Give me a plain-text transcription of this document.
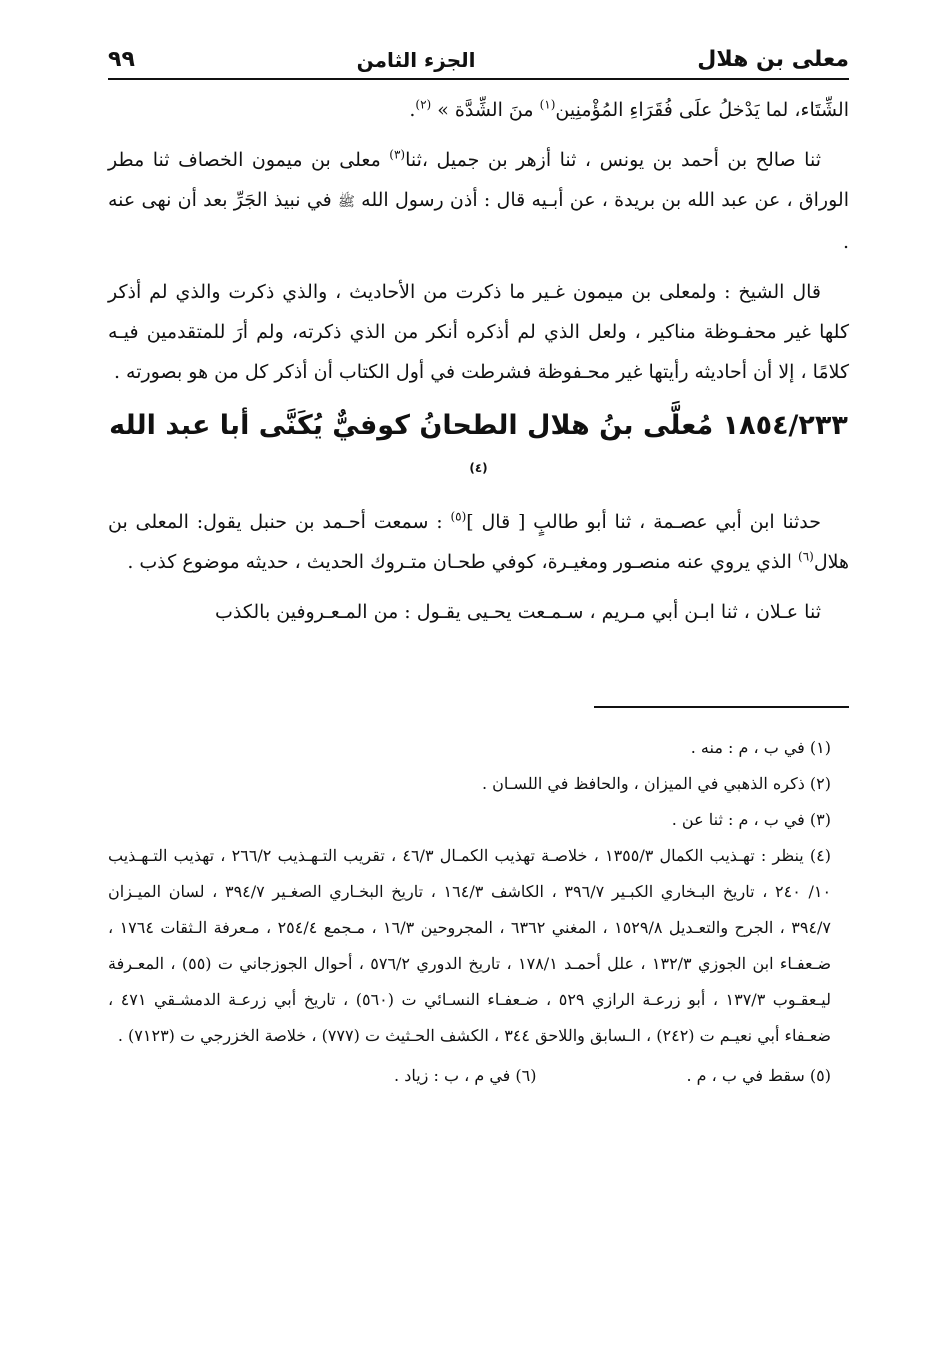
معلى بن هلال
الجزء الثامن
٩٩

الشِّتَاء، لما يَدْخلُ علَى فُقَرَاءِ المُؤْمنِين$^{(١)}$ منَ الشِّدَّة » $^{(٢)}$.

ثنا صالح بن أحمد بن يونس ، ثنا أزهر بن جميل ،ثنا$^{(٣)}$ معلى بن ميمون الخصاف ثنا مطر الوراق ، عن عبد الله بن بريدة ، عن أبـيه قال : أذن رسول الله ﷺ في نبيذ الجَرِّ بعد أن نهى عنه .

قال الشيخ : ولمعلى بن ميمون غـير ما ذكرت من الأحاديث ، والذي ذكرت والذي لم أذكر كلها غير محفـوظة مناكير ، ولعل الذي لم أذكره أنكر من الذي ذكرته، ولم أرَ للمتقدمين فيـه كلامًا ، إلا أن أحاديثه رأيتها غير محـفوظة فشرطت في أول الكتاب أن أذكر كل من هو بصورته .

١٨٥٤/٢٣٣ مُعلَّى بنُ هلال الطحانُ كوفيٌّ يُكَنَّى أبا عبد الله $^{(٤)}$

حدثنا ابن أبي عصـمة ، ثنا أبو طالبٍ [ قال ]$^{(٥)}$ : سمعت أحـمد بن حنبل يقول: المعلى بن هلال$^{(٦)}$ الذي يروي عنه منصـور ومغيـرة، كوفي طحـان متـروك الحديث ، حديثه موضوع كذب .

ثنا عـلان ، ثنا ابـن أبي مـريم ، سـمـعت يحـيى يقـول : من المـعـروفين بالكذب

(١) في ب ، م : منه .

(٢) ذكره الذهبي في الميزان ، والحافظ في اللسـان .

(٣) في ب ، م : ثنا عن .

(٤) ينظر : تهـذيب الكمال ١٣٥٥/٣ ، خلاصـة تهذيب الكمـال ٤٦/٣ ، تقريب التـهـذيب ٢٦٦/٢ ، تهذيب التـهـذيب ١٠/ ٢٤٠ ، تاريخ البـخاري الكبـير ٣٩٦/٧ ، الكاشف ١٦٤/٣ ، تاريخ البخـاري الصغـير ٣٩٤/٧ ، لسان الميـزان ٣٩٤/٧ ، الجرح والتعـديل ١٥٢٩/٨ ، المغني ٦٣٦٢ ، المجروحين ١٦/٣ ، مـجمع ٢٥٤/٤ ، مـعرفة الـثقات ١٧٦٤ ، ضـعفـاء ابن الجوزي ١٣٢/٣ ، علل أحمـد ١٧٨/١ ، تاريخ الدوري ٥٧٦/٢ ، أحوال الجوزجاني ت (٥٥) ، المعـرفة ليـعقـوب ١٣٧/٣ ، أبو زرعـة الرازي ٥٢٩ ، ضـعفـاء النسـائي ت (٥٦٠) ، تاريخ أبي زرعـة الدمشـقي ٤٧١ ، ضعـفاء أبي نعيـم ت (٢٤٢) ، الـسابق واللاحق ٣٤٤ ، الكشف الحـثيث ت (٧٧٧) ، خلاصة الخزرجي ت (٧١٢٣) .

(٥) سقط في ب ، م .
(٦) في م ، ب : زياد .
